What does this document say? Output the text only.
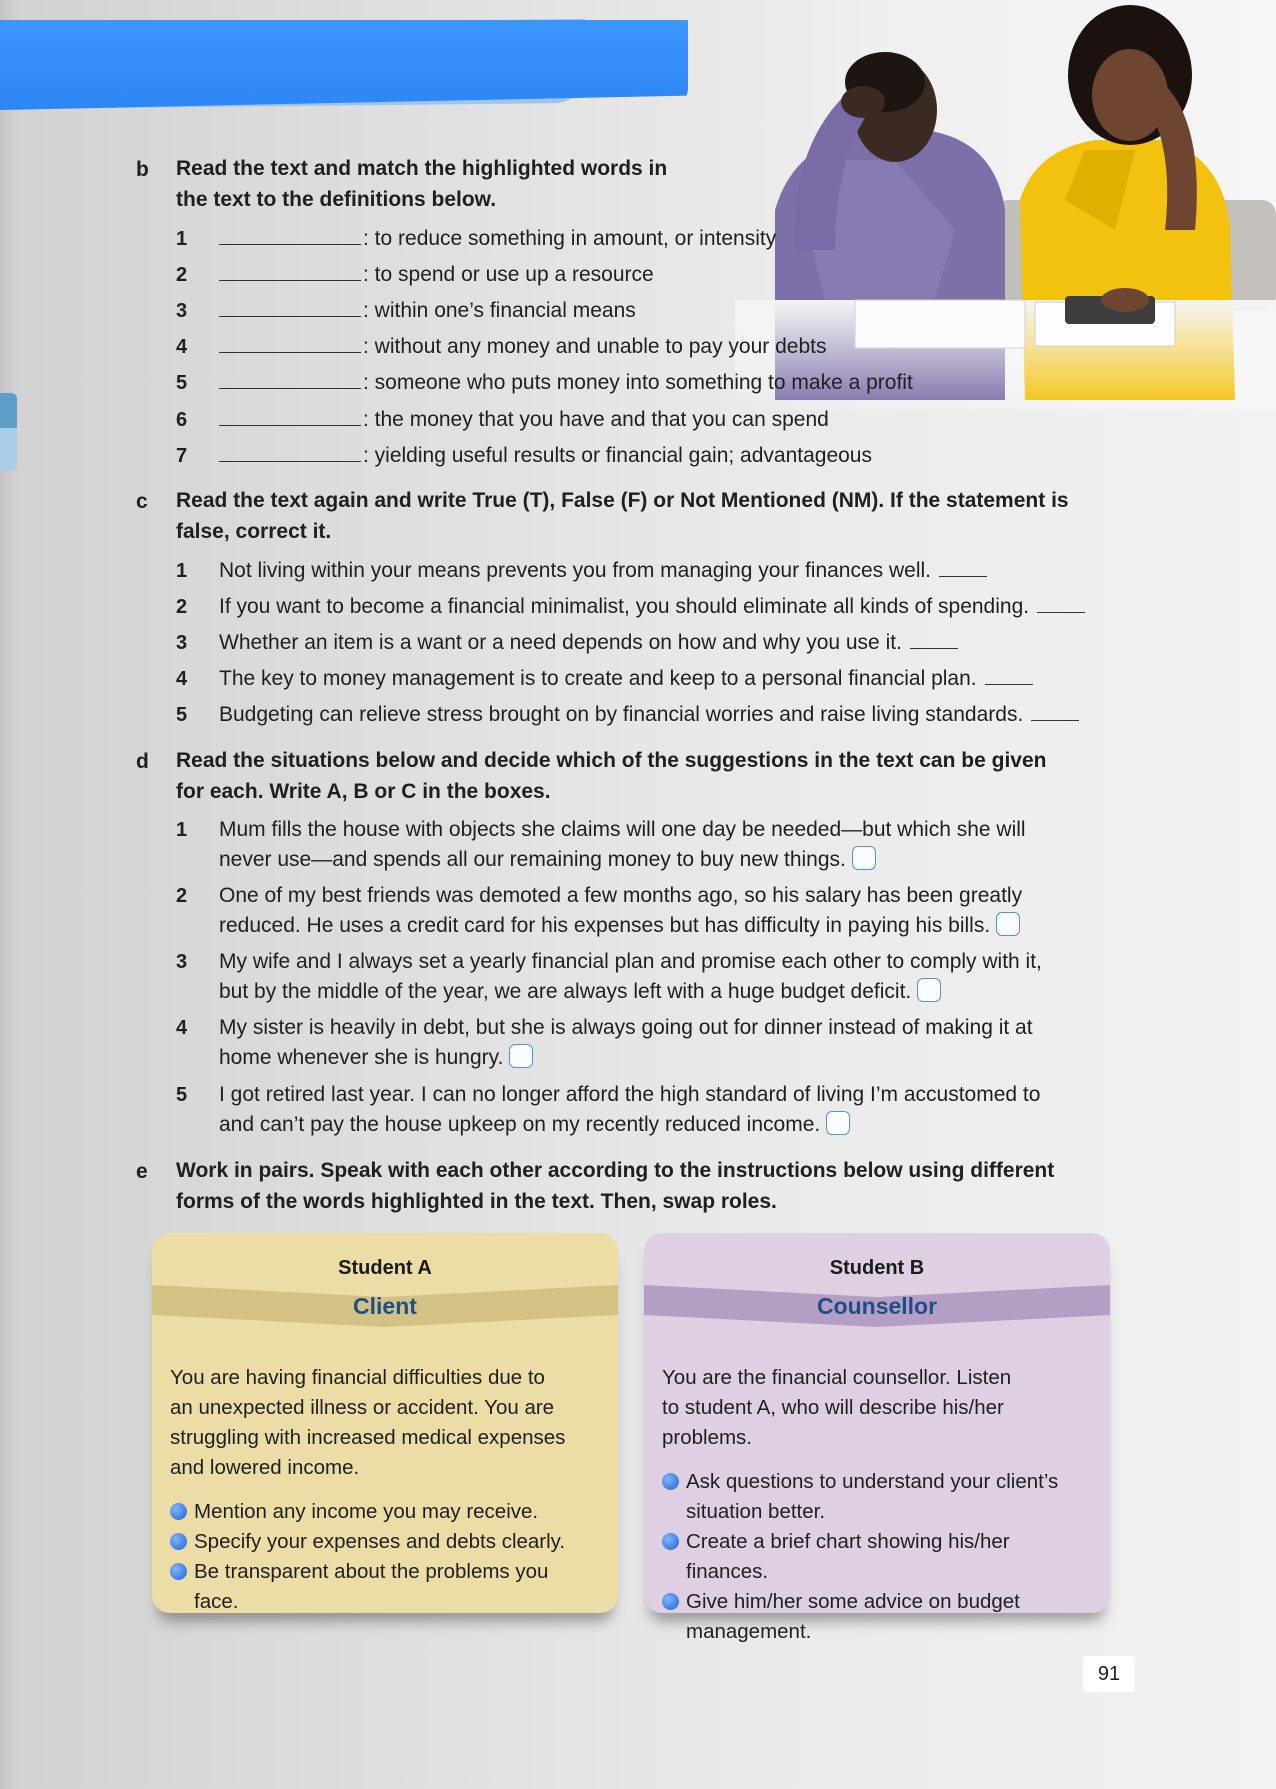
b Read the text and match the highlighted words in
the text to the definitions below.
1	: to reduce something in amount, or intensity
2	: to spend or use up a resource
3	: within one’s financial means
4	: without any money and unable to pay your debts
5	: someone who puts money into something to make a profit
6	: the money that you have and that you can spend
7	: yielding useful results or financial gain; advantageous
c Read the text again and write True (T), False (F) or Not Mentioned (NM). If the statement is
false, correct it.
1 Not living within your means prevents you from managing your finances well.
2 If you want to become a financial minimalist, you should eliminate all kinds of spending.
3 Whether an item is a want or a need depends on how and why you use it.
4 The key to money management is to create and keep to a personal financial plan.
5 Budgeting can relieve stress brought on by financial worries and raise living standards.
d Read the situations below and decide which of the suggestions in the text can be given
for each. Write A, B or C in the boxes.
1 Mum fills the house with objects she claims will one day be needed—but which she will
never use—and spends all our remaining money to buy new things.
2 One of my best friends was demoted a few months ago, so his salary has been greatly
reduced. He uses a credit card for his expenses but has difficulty in paying his bills.
3 My wife and I always set a yearly financial plan and promise each other to comply with it,
but by the middle of the year, we are always left with a huge budget deficit.
4 My sister is heavily in debt, but she is always going out for dinner instead of making it at
home whenever she is hungry.
5 I got retired last year. I can no longer afford the high standard of living I’m accustomed to
and can’t pay the house upkeep on my recently reduced income.
e Work in pairs. Speak with each other according to the instructions below using different
forms of the words highlighted in the text. Then, swap roles.
Student A
Client
You are having financial difficulties due to
an unexpected illness or accident. You are
struggling with increased medical expenses
and lowered income.
Mention any income you may receive.
Specify your expenses and debts clearly.
Be transparent about the problems you
face.
Student B
Counsellor
You are the financial counsellor. Listen
to student A, who will describe his/her
problems.
Ask questions to understand your client’s
situation better.
Create a brief chart showing his/her
finances.
Give him/her some advice on budget
management.
91
